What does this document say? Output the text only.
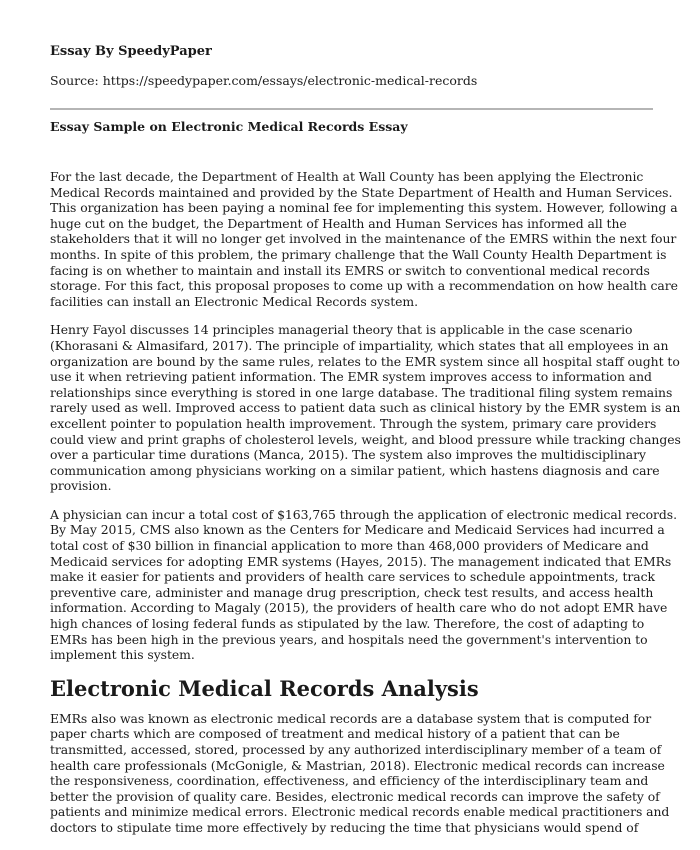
Essay By SpeedyPaper
Source: https://speedypaper.com/essays/electronic-medical-records
Essay Sample on Electronic Medical Records Essay

For the last decade, the Department of Health at Wall County has been applying the Electronic
Medical Records maintained and provided by the State Department of Health and Human Services.
This organization has been paying a nominal fee for implementing this system. However, following a
huge cut on the budget, the Department of Health and Human Services has informed all the
stakeholders that it will no longer get involved in the maintenance of the EMRS within the next four
months. In spite of this problem, the primary challenge that the Wall County Health Department is
facing is on whether to maintain and install its EMRS or switch to conventional medical records
storage. For this fact, this proposal proposes to come up with a recommendation on how health care
facilities can install an Electronic Medical Records system.

Henry Fayol discusses 14 principles managerial theory that is applicable in the case scenario
(Khorasani & Almasifard, 2017). The principle of impartiality, which states that all employees in an
organization are bound by the same rules, relates to the EMR system since all hospital staff ought to
use it when retrieving patient information. The EMR system improves access to information and
relationships since everything is stored in one large database. The traditional filing system remains
rarely used as well. Improved access to patient data such as clinical history by the EMR system is an
excellent pointer to population health improvement. Through the system, primary care providers
could view and print graphs of cholesterol levels, weight, and blood pressure while tracking changes
over a particular time durations (Manca, 2015). The system also improves the multidisciplinary
communication among physicians working on a similar patient, which hastens diagnosis and care
provision.

A physician can incur a total cost of $163,765 through the application of electronic medical records.
By May 2015, CMS also known as the Centers for Medicare and Medicaid Services had incurred a
total cost of $30 billion in financial application to more than 468,000 providers of Medicare and
Medicaid services for adopting EMR systems (Hayes, 2015). The management indicated that EMRs
make it easier for patients and providers of health care services to schedule appointments, track
preventive care, administer and manage drug prescription, check test results, and access health
information. According to Magaly (2015), the providers of health care who do not adopt EMR have
high chances of losing federal funds as stipulated by the law. Therefore, the cost of adapting to
EMRs has been high in the previous years, and hospitals need the government's intervention to
implement this system.

Electronic Medical Records Analysis

EMRs also was known as electronic medical records are a database system that is computed for
paper charts which are composed of treatment and medical history of a patient that can be
transmitted, accessed, stored, processed by any authorized interdisciplinary member of a team of
health care professionals (McGonigle, & Mastrian, 2018). Electronic medical records can increase
the responsiveness, coordination, effectiveness, and efficiency of the interdisciplinary team and
better the provision of quality care. Besides, electronic medical records can improve the safety of
patients and minimize medical errors. Electronic medical records enable medical practitioners and
doctors to stipulate time more effectively by reducing the time that physicians would spend of
